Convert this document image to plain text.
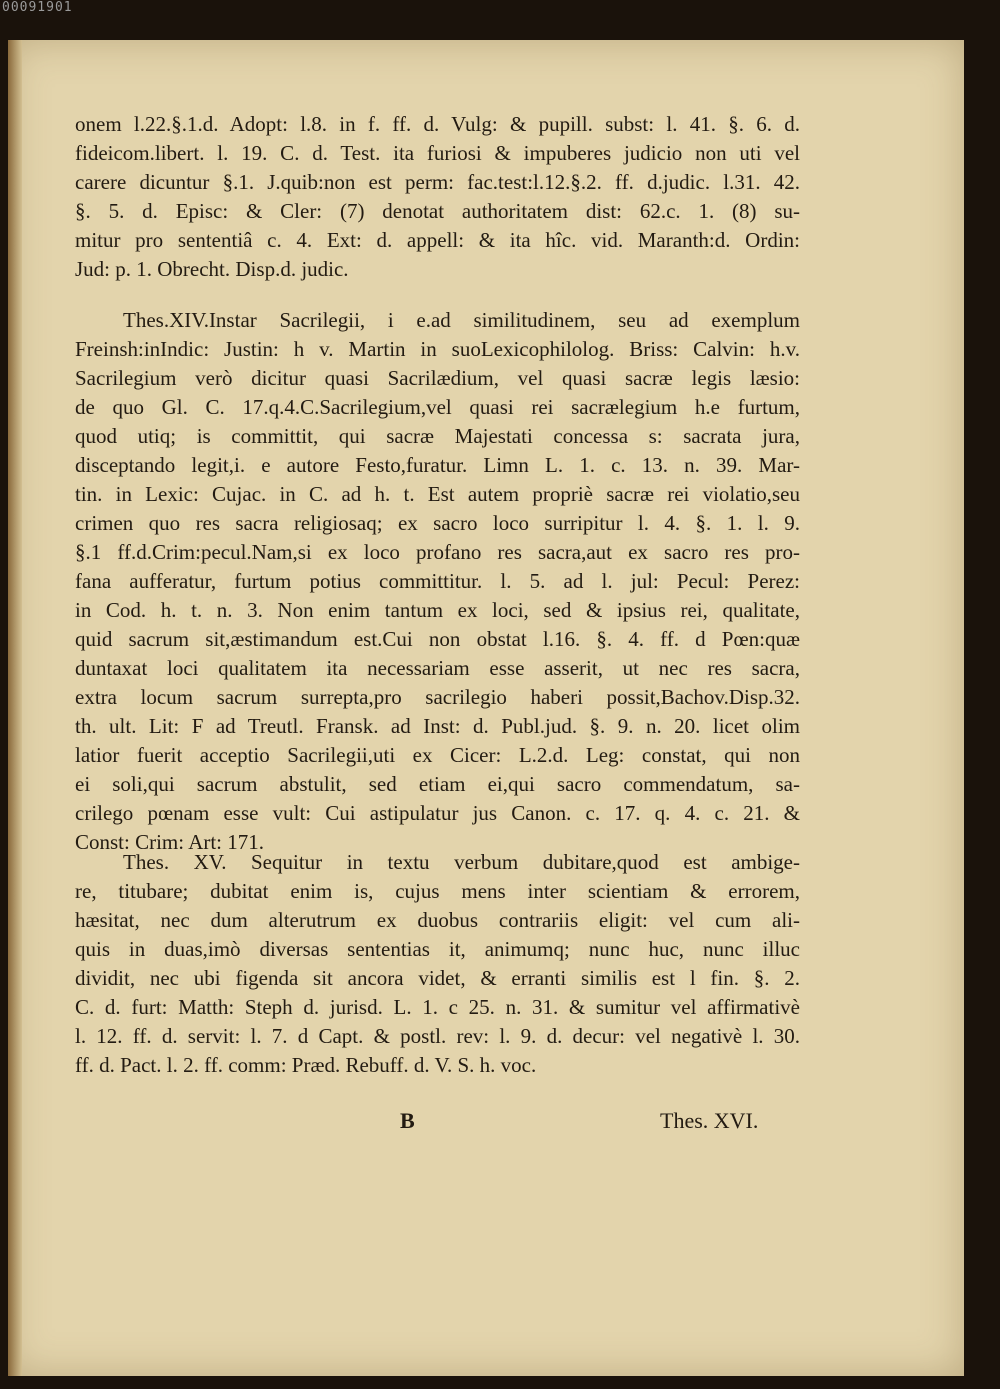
00091901
onem l.22.§.1.d. Adopt: l.8. in f. ff. d. Vulg: & pupill. subst: l. 41. §. 6. d.
fideicom.libert. l. 19. C. d. Test. ita furiosi & impuberes judicio non uti vel
carere dicuntur §.1. J.quib:non est perm: fac.test:l.12.§.2. ff. d.judic. l.31. 42.
§. 5. d. Episc: & Cler: (7) denotat authoritatem dist: 62.c. 1. (8) su-
mitur pro sententiâ c. 4. Ext: d. appell: & ita hîc. vid. Maranth:d. Ordin:
Jud: p. 1. Obrecht. Disp.d. judic.
Thes.XIV.Instar Sacrilegii, i e.ad similitudinem, seu ad exemplum
Freinsh:inIndic: Justin: h v. Martin in suoLexicophilolog. Briss: Calvin: h.v.
Sacrilegium verò dicitur quasi Sacrilædium, vel quasi sacræ legis læsio:
de quo Gl. C. 17.q.4.C.Sacrilegium,vel quasi rei sacrælegium h.e furtum,
quod utiq; is committit, qui sacræ Majestati concessa s: sacrata jura,
disceptando legit,i. e autore Festo,furatur. Limn L. 1. c. 13. n. 39. Mar-
tin. in Lexic: Cujac. in C. ad h. t. Est autem propriè sacræ rei violatio,seu
crimen quo res sacra religiosaq; ex sacro loco surripitur l. 4. §. 1. l. 9.
§.1 ff.d.Crim:pecul.Nam,si ex loco profano res sacra,aut ex sacro res pro-
fana aufferatur, furtum potius committitur. l. 5. ad l. jul: Pecul: Perez:
in Cod. h. t. n. 3. Non enim tantum ex loci, sed & ipsius rei, qualitate,
quid sacrum sit,æstimandum est.Cui non obstat l.16. §. 4. ff. d Pœn:quæ
duntaxat loci qualitatem ita necessariam esse asserit, ut nec res sacra,
extra locum sacrum surrepta,pro sacrilegio haberi possit,Bachov.Disp.32.
th. ult. Lit: F ad Treutl. Fransk. ad Inst: d. Publ.jud. §. 9. n. 20. licet olim
latior fuerit acceptio Sacrilegii,uti ex Cicer: L.2.d. Leg: constat, qui non
ei soli,qui sacrum abstulit, sed etiam ei,qui sacro commendatum, sa-
crilego pœnam esse vult: Cui astipulatur jus Canon. c. 17. q. 4. c. 21. &
Const: Crim: Art: 171.
Thes. XV. Sequitur in textu verbum dubitare,quod est ambige-
re, titubare; dubitat enim is, cujus mens inter scientiam & errorem,
hæsitat, nec dum alterutrum ex duobus contrariis eligit: vel cum ali-
quis in duas,imò diversas sententias it, animumq; nunc huc, nunc illuc
dividit, nec ubi figenda sit ancora videt, & erranti similis est l fin. §. 2.
C. d. furt: Matth: Steph d. jurisd. L. 1. c 25. n. 31. & sumitur vel affirmativè
l. 12. ff. d. servit: l. 7. d Capt. & postl. rev: l. 9. d. decur: vel negativè l. 30.
ff. d. Pact. l. 2. ff. comm: Præd. Rebuff. d. V. S. h. voc.
B	Thes. XVI.
